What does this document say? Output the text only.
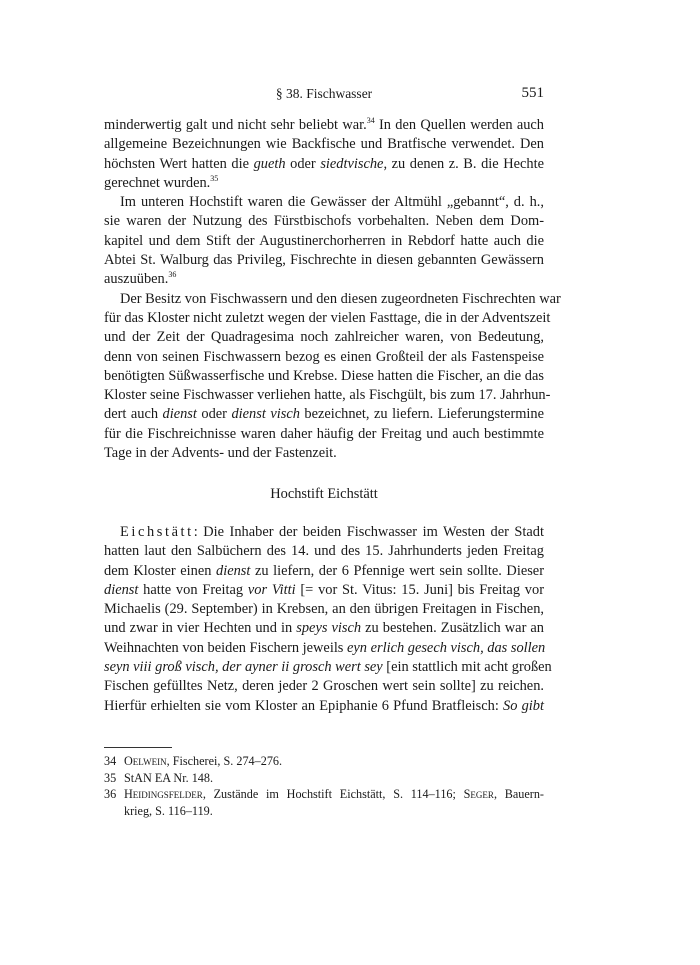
§ 38. Fischwasser	551
minderwertig galt und nicht sehr beliebt war.$^{34}$ In den Quellen werden auch
allgemeine Bezeichnungen wie Backfische und Bratfische verwendet. Den
höchsten Wert hatten die gueth oder siedtvische, zu denen z. B. die Hechte
gerechnet wurden.$^{35}$
Im unteren Hochstift waren die Gewässer der Altmühl „gebannt“, d. h.,
sie waren der Nutzung des Fürstbischofs vorbehalten. Neben dem Dom-
kapitel und dem Stift der Augustinerchorherren in Rebdorf hatte auch die
Abtei St. Walburg das Privileg, Fischrechte in diesen gebannten Gewässern
auszuüben.$^{36}$
Der Besitz von Fischwassern und den diesen zugeordneten Fischrechten war
für das Kloster nicht zuletzt wegen der vielen Fasttage, die in der Adventszeit
und der Zeit der Quadragesima noch zahlreicher waren, von Bedeutung,
denn von seinen Fischwassern bezog es einen Großteil der als Fastenspeise
benötigten Süßwasserfische und Krebse. Diese hatten die Fischer, an die das
Kloster seine Fischwasser verliehen hatte, als Fischgült, bis zum 17. Jahrhun-
dert auch dienst oder dienst visch bezeichnet, zu liefern. Lieferungstermine
für die Fischreichnisse waren daher häufig der Freitag und auch bestimmte
Tage in der Advents- und der Fastenzeit.
Hochstift Eichstätt
Eichstätt: Die Inhaber der beiden Fischwasser im Westen der Stadt
hatten laut den Salbüchern des 14. und des 15. Jahrhunderts jeden Freitag
dem Kloster einen dienst zu liefern, der 6 Pfennige wert sein sollte. Dieser
dienst hatte von Freitag vor Vitti [= vor St. Vitus: 15. Juni] bis Freitag vor
Michaelis (29. September) in Krebsen, an den übrigen Freitagen in Fischen,
und zwar in vier Hechten und in speys visch zu bestehen. Zusätzlich war an
Weihnachten von beiden Fischern jeweils eyn erlich gesech visch, das sollen
seyn viii groß visch, der ayner ii grosch wert sey [ein stattlich mit acht großen
Fischen gefülltes Netz, deren jeder 2 Groschen wert sein sollte] zu reichen.
Hierfür erhielten sie vom Kloster an Epiphanie 6 Pfund Bratfleisch: So gibt
34 Oelwein, Fischerei, S. 274–276.
35 StAN EA Nr. 148.
36 Heidingsfelder, Zustände im Hochstift Eichstätt, S. 114–116; Seger, Bauern-
krieg, S. 116–119.
